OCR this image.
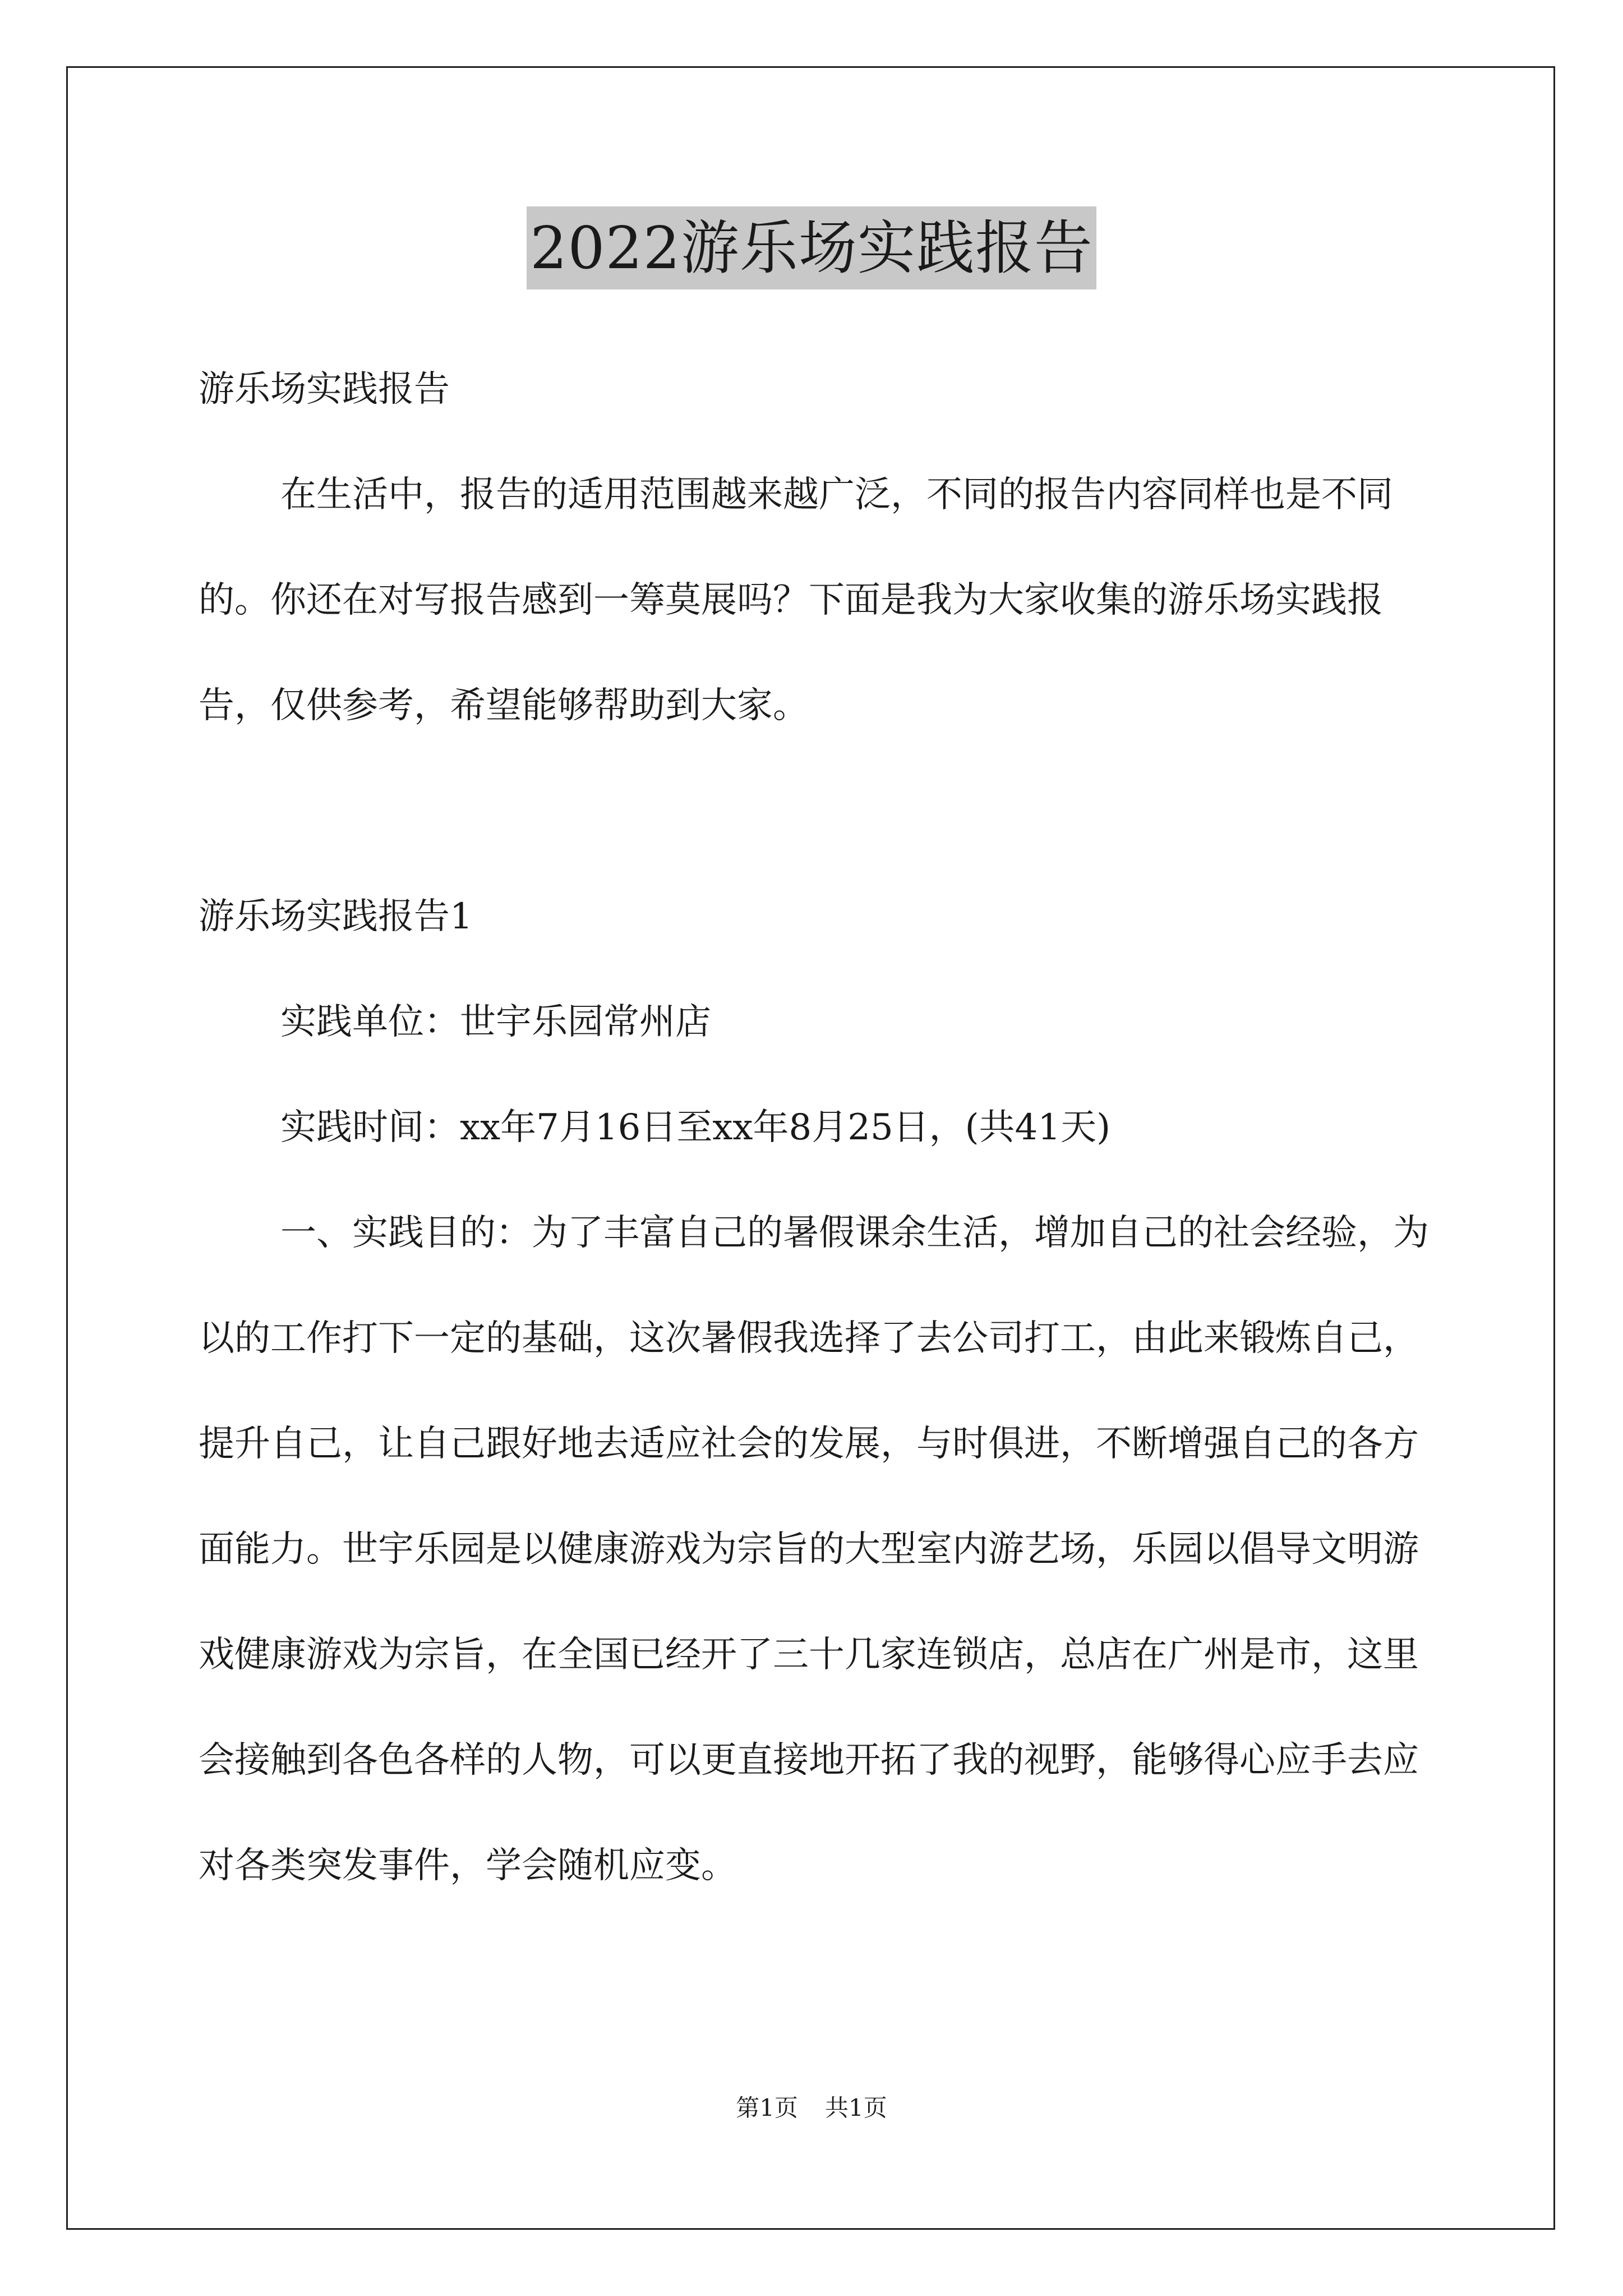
2022游乐场实践报告

游乐场实践报告

在生活中，报告的适用范围越来越广泛，不同的报告内容同样也是不同的。你还在对写报告感到一筹莫展吗？下面是我为大家收集的游乐场实践报告，仅供参考，希望能够帮助到大家。

游乐场实践报告1

实践单位：世宇乐园常州店

实践时间：xx年7月16日至xx年8月25日，(共41天)

一、实践目的：为了丰富自己的暑假课余生活，增加自己的社会经验，为以的工作打下一定的基础，这次暑假我选择了去公司打工，由此来锻炼自己，提升自己，让自己跟好地去适应社会的发展，与时俱进，不断增强自己的各方面能力。世宇乐园是以健康游戏为宗旨的大型室内游艺场，乐园以倡导文明游戏健康游戏为宗旨，在全国已经开了三十几家连锁店，总店在广州是市，这里会接触到各色各样的人物，可以更直接地开拓了我的视野，能够得心应手去应对各类突发事件，学会随机应变。

第1页 共1页
